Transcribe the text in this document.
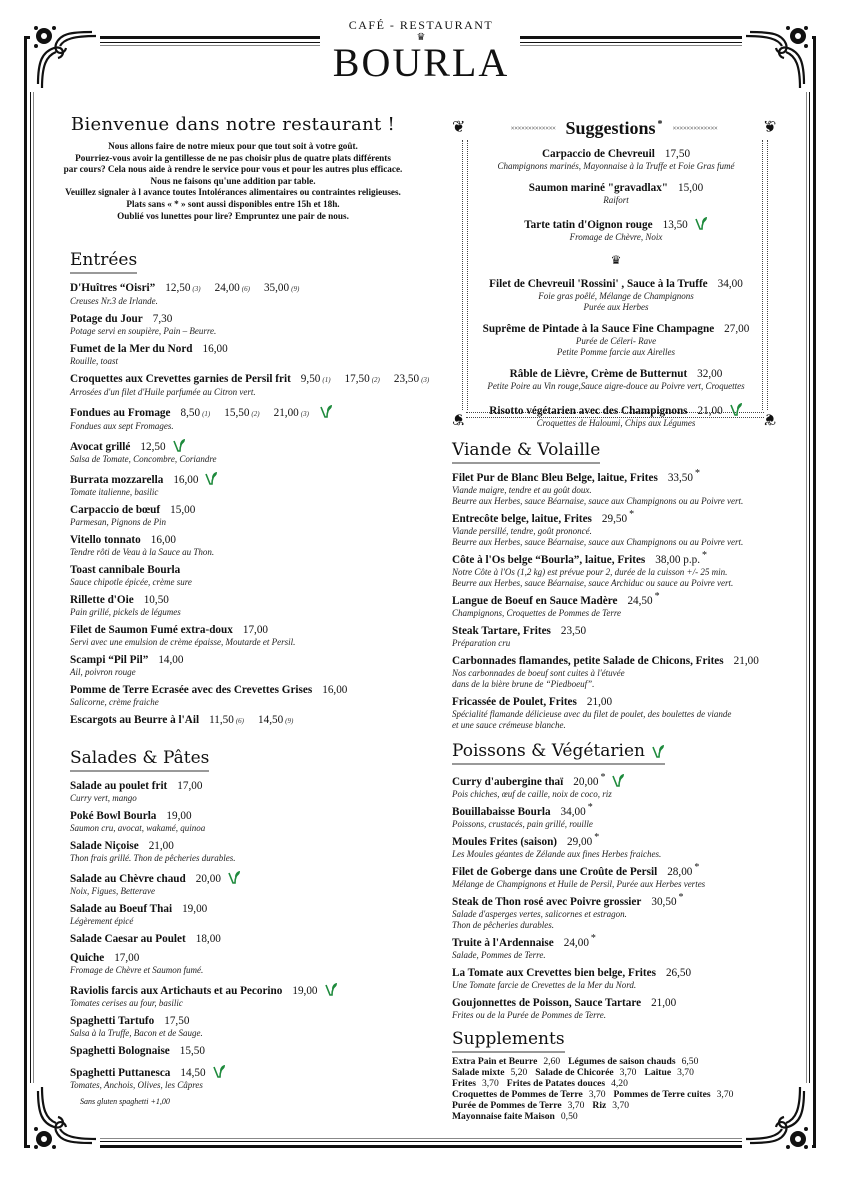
CAFÉ - RESTAURANT
♛
BOURLA
Bienvenue dans notre restaurant !

Nous allons faire de notre mieux pour que tout soit à votre goût.

Pourriez-vous avoir la gentillesse de ne pas choisir plus de quatre plats différents

par cours? Cela nous aide à rendre le service pour vous et pour les autres plus efficace.

Nous ne faisons qu'une addition par table.

Veuillez signaler à l avance toutes Intolérances alimentaires ou contraintes religieuses.

Plats sans « * » sont aussi disponibles entre 15h et 18h.

Oublié vos lunettes pour lire? Empruntez une pair de nous.

Entrées
D'Huîtres “Oisri” 12,50 (3) 24,00 (6) 35,00 (9)
Creuses Nr.3 de Irlande.
Potage du Jour 7,30
Potage servi en soupière, Pain – Beurre.
Fumet de la Mer du Nord 16,00
Rouille, toast
Croquettes aux Crevettes garnies de Persil frit 9,50 (1) 17,50 (2) 23,50 (3)
Arrosées d'un filet d'Huile parfumée au Citron vert.
Fondues au Fromage 8,50 (1) 15,50 (2) 21,00 (3)
Fondues aux sept Fromages.
Avocat grillé 12,50
Salsa de Tomate, Concombre, Coriandre
Burrata mozzarella 16,00
Tomate italienne, basilic
Carpaccio de bœuf 15,00
Parmesan, Pignons de Pin
Vitello tonnato 16,00
Tendre rôti de Veau à la Sauce au Thon.
Toast cannibale Bourla
Sauce chipotle épicée, crème sure
Rillette d'Oie 10,50
Pain grillé, pickels de légumes
Filet de Saumon Fumé extra-doux 17,00
Servi avec une emulsion de crème épaisse, Moutarde et Persil.
Scampi “Pil Pil” 14,00
Ail, poivron rouge
Pomme de Terre Ecrasée avec des Crevettes Grises 16,00
Salicorne, crème fraiche
Escargots au Beurre à l'Ail 11,50 (6) 14,50 (9)
Salades & Pâtes
Salade au poulet frit 17,00
Curry vert, mango
Poké Bowl Bourla 19,00
Saumon cru, avocat, wakamé, quinoa
Salade Niçoise 21,00
Thon frais grillé. Thon de pêcheries durables.
Salade au Chèvre chaud 20,00
Noix, Figues, Betterave
Salade au Boeuf Thai 19,00
Légèrement épicé
Salade Caesar au Poulet 18,00
Quiche 17,00
Fromage de Chèvre et Saumon fumé.
Raviolis farcis aux Artichauts et au Pecorino 19,00
Tomates cerises au four, basilic
Spaghetti Tartufo 17,50
Salsa à la Truffe, Bacon et de Sauge.
Spaghetti Bolognaise 15,50
Spaghetti Puttanesca 14,50
Tomates, Anchois, Olives, les Câpres
Sans gluten spaghetti +1,00
❦	❦
❦	❦
××××××××××××× Suggestions * ×××××××××××××
Carpaccio de Chevreuil 17,50
Champignons marinés, Mayonnaise à la Truffe et Foie Gras fumé
Saumon mariné "gravadlax" 15,00
Raifort
Tarte tatin d'Oignon rouge 13,50
Fromage de Chèvre, Noix
♛
Filet de Chevreuil 'Rossini' , Sauce à la Truffe 34,00
Foie gras poêlé, Mélange de Champignons
Purée aux Herbes
Suprême de Pintade à la Sauce Fine Champagne 27,00
Purée de Céleri- Rave
Petite Pomme farcie aux Airelles
Râble de Lièvre, Crème de Butternut 32,00
Petite Poire au Vin rouge,Sauce aigre-douce au Poivre vert, Croquettes
Risotto végétarien avec des Champignons 21,00
Croquettes de Haloumi, Chips aux Légumes
Viande & Volaille
Filet Pur de Blanc Bleu Belge, laitue, Frites 33,50 *
Viande maigre, tendre et au goût doux.
Beurre aux Herbes, sauce Béarnaise, sauce aux Champignons ou au Poivre vert.
Entrecôte belge, laitue, Frites 29,50 *
Viande persillé, tendre, goût prononcé.
Beurre aux Herbes, sauce Béarnaise, sauce aux Champignons ou au Poivre vert.
Côte à l'Os belge “Bourla”, laitue, Frites 38,00 p.p. *
Notre Côte à l'Os (1,2 kg) est prévue pour 2, durée de la cuisson +/- 25 min.
Beurre aux Herbes, sauce Béarnaise, sauce Archiduc ou sauce au Poivre vert.
Langue de Boeuf en Sauce Madère 24,50 *
Champignons, Croquettes de Pommes de Terre
Steak Tartare, Frites 23,50
Préparation cru
Carbonnades flamandes, petite Salade de Chicons, Frites 21,00
Nos carbonnades de boeuf sont cuites à l'étuvée
dans de la bière brune de “Piedboeuf”.
Fricassée de Poulet, Frites 21,00
Spécialité flamande délicieuse avec du filet de poulet, des boulettes de viande
et une sauce crémeuse blanche.
Poissons & Végétarien
Curry d'aubergine thaï 20,00 *
Pois chiches, œuf de caille, noix de coco, riz
Bouillabaisse Bourla 34,00 *
Poissons, crustacés, pain grillé, rouille
Moules Frites (saison) 29,00 *
Les Moules géantes de Zélande aux fines Herbes fraiches.
Filet de Goberge dans une Croûte de Persil 28,00 *
Mélange de Champignons et Huile de Persil, Purée aux Herbes vertes
Steak de Thon rosé avec Poivre grossier 30,50 *
Salade d'asperges vertes, salicornes et estragon.
Thon de pêcheries durables.
Truite à l'Ardennaise 24,00 *
Salade, Pommes de Terre.
La Tomate aux Crevettes bien belge, Frites 26,50
Une Tomate farcie de Crevettes de la Mer du Nord.
Goujonnettes de Poisson, Sauce Tartare 21,00
Frites ou de la Purée de Pommes de Terre.
Supplements
Extra Pain et Beurre 2,60 Légumes de saison chauds 6,50
Salade mixte 5,20 Salade de Chicorée 3,70 Laitue 3,70
Frites 3,70 Frites de Patates douces 4,20
Croquettes de Pommes de Terre 3,70 Pommes de Terre cuites 3,70
Purée de Pommes de Terre 3,70 Riz 3,70
Mayonnaise faite Maison 0,50
